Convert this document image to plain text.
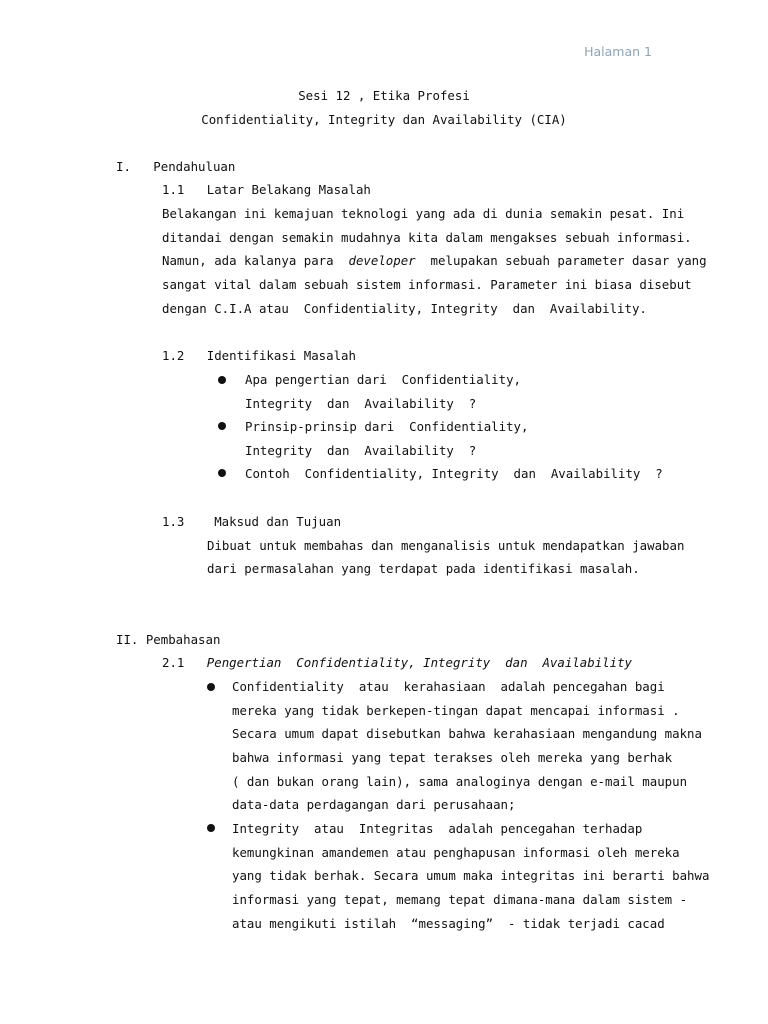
Halaman 1
Sesi 12 , Etika Profesi
Confidentiality, Integrity dan Availability (CIA)
I.   Pendahuluan
1.1   Latar Belakang Masalah
Belakangan ini kemajuan teknologi yang ada di dunia semakin pesat. Ini
ditandai dengan semakin mudahnya kita dalam mengakses sebuah informasi.
Namun, ada kalanya para  developer  melupakan sebuah parameter dasar yang
sangat vital dalam sebuah sistem informasi. Parameter ini biasa disebut
dengan C.I.A atau  Confidentiality, Integrity  dan  Availability.
1.2   Identifikasi Masalah
Apa pengertian dari  Confidentiality,
Integrity  dan  Availability  ?
Prinsip-prinsip dari  Confidentiality,
Integrity  dan  Availability  ?
Contoh  Confidentiality, Integrity  dan  Availability  ?
1.3    Maksud dan Tujuan
Dibuat untuk membahas dan menganalisis untuk mendapatkan jawaban
dari permasalahan yang terdapat pada identifikasi masalah.
II. Pembahasan
2.1 Pengertian  Confidentiality, Integrity  dan  Availability
Confidentiality  atau  kerahasiaan  adalah pencegahan bagi
mereka yang tidak berkepen-tingan dapat mencapai informasi .
Secara umum dapat disebutkan bahwa kerahasiaan mengandung makna
bahwa informasi yang tepat terakses oleh mereka yang berhak
( dan bukan orang lain), sama analoginya dengan e-mail maupun
data-data perdagangan dari perusahaan;
Integrity  atau  Integritas  adalah pencegahan terhadap
kemungkinan amandemen atau penghapusan informasi oleh mereka
yang tidak berhak. Secara umum maka integritas ini berarti bahwa
informasi yang tepat, memang tepat dimana-mana dalam sistem -
atau mengikuti istilah  “messaging”  - tidak terjadi cacad
